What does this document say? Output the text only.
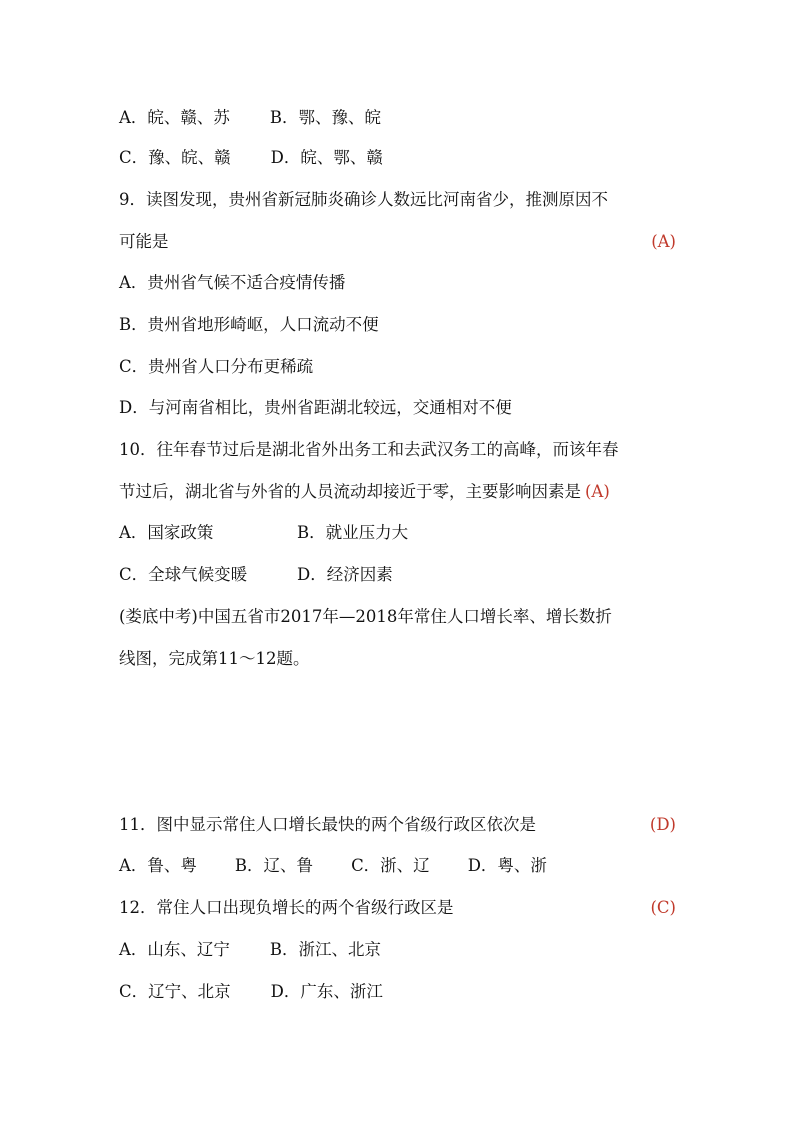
A．皖、赣、苏 B．鄂、豫、皖
C．豫、皖、赣 D．皖、鄂、赣
9．读图发现，贵州省新冠肺炎确诊人数远比河南省少，推测原因不
可能是	(A)
A．贵州省气候不适合疫情传播
B．贵州省地形崎岖，人口流动不便
C．贵州省人口分布更稀疏
D．与河南省相比，贵州省距湖北较远，交通相对不便
10．往年春节过后是湖北省外出务工和去武汉务工的高峰，而该年春
节过后，湖北省与外省的人员流动却接近于零，主要影响因素是 (A)
A．国家政策	B．就业压力大
C．全球气候变暖	D．经济因素
(娄底中考)中国五省市2017年—2018年常住人口增长率、增长数折
线图，完成第11～12题。
11．图中显示常住人口增长最快的两个省级行政区依次是	(D)
A．鲁、粤 B．辽、鲁 C．浙、辽 D．粤、浙
12．常住人口出现负增长的两个省级行政区是	(C)
A．山东、辽宁 B．浙江、北京
C．辽宁、北京 D．广东、浙江
